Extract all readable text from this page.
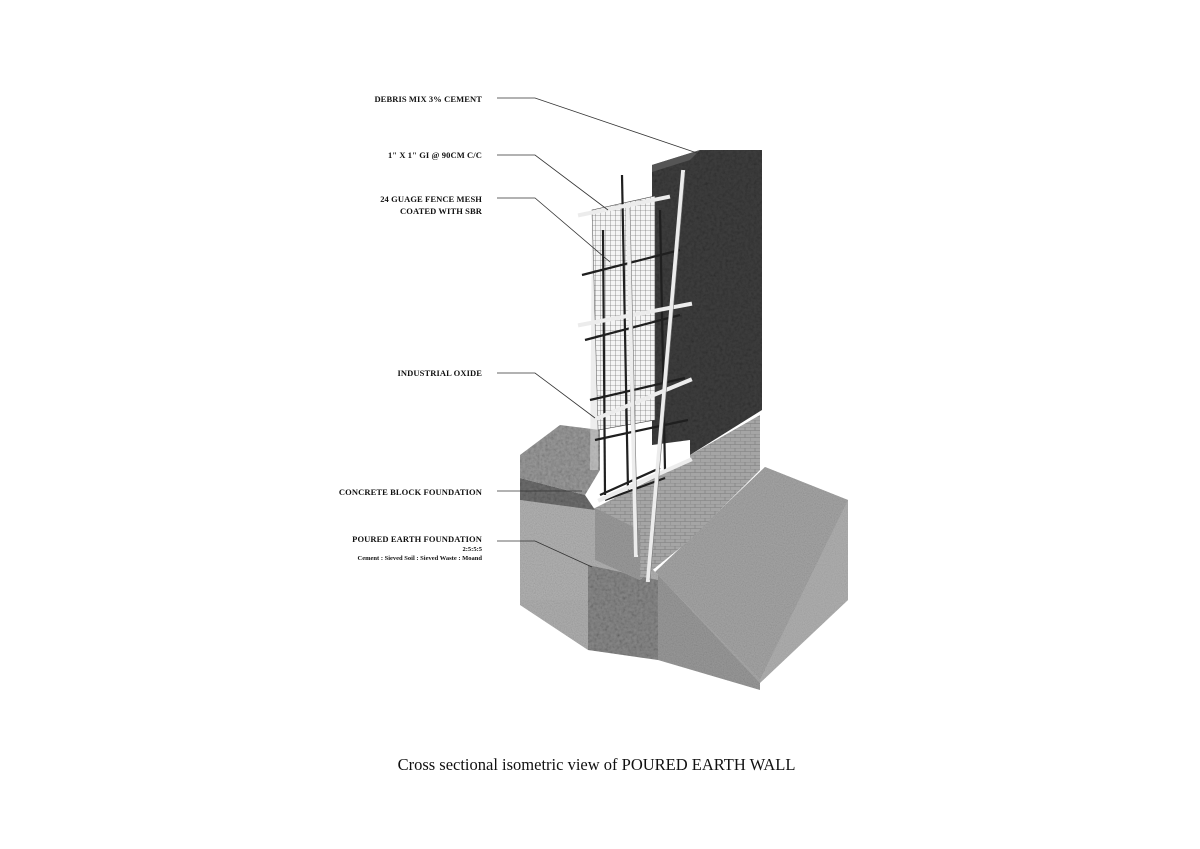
DEBRIS MIX 3% CEMENT
1" X 1" GI @ 90CM C/C
24 GUAGE FENCE MESH
COATED WITH SBR
INDUSTRIAL OXIDE
CONCRETE BLOCK FOUNDATION
POURED EARTH FOUNDATION
2:5:5:5
Cement : Sieved Soil : Sieved Waste : Moand
Cross sectional isometric view of POURED EARTH WALL
